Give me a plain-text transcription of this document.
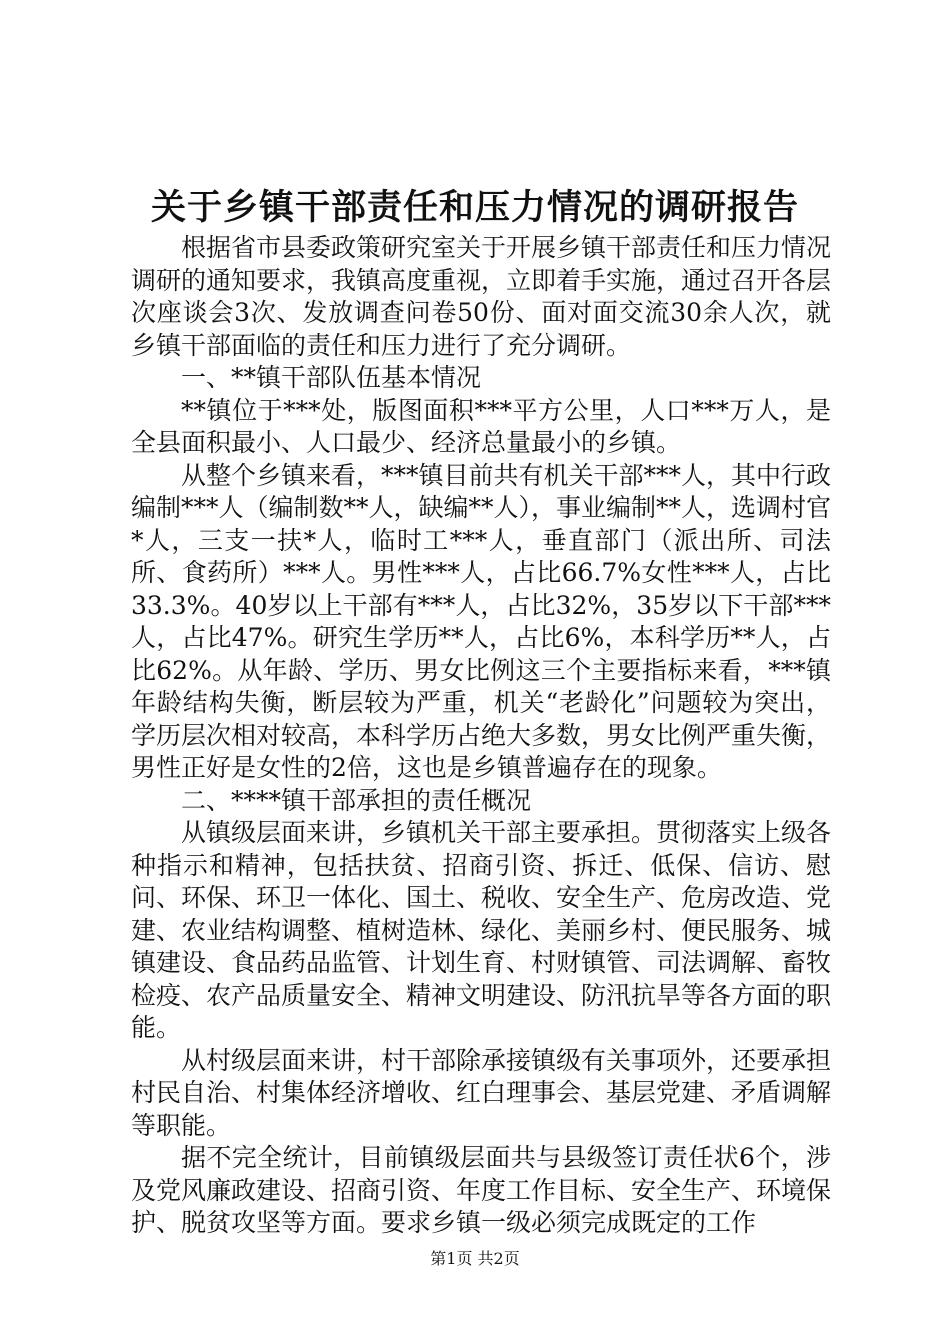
关于乡镇干部责任和压力情况的调研报告

根据省市县委政策研究室关于开展乡镇干部责任和压力情况调研的通知要求，我镇高度重视，立即着手实施，通过召开各层次座谈会3次、发放调查问卷50份、面对面交流30余人次，就乡镇干部面临的责任和压力进行了充分调研。

一、**镇干部队伍基本情况

**镇位于***处，版图面积***平方公里，人口***万人，是全县面积最小、人口最少、经济总量最小的乡镇。

从整个乡镇来看，***镇目前共有机关干部***人，其中行政编制***人（编制数**人，缺编**人），事业编制**人，选调村官*人，三支一扶*人，临时工***人，垂直部门（派出所、司法所、食药所）***人。男性***人，占比66.7%女性***人，占比33.3%。40岁以上干部有***人，占比32%，35岁以下干部***人，占比47%。研究生学历**人，占比6%，本科学历**人，占比62%。从年龄、学历、男女比例这三个主要指标来看，***镇年龄结构失衡，断层较为严重，机关“老龄化”问题较为突出，学历层次相对较高，本科学历占绝大多数，男女比例严重失衡，男性正好是女性的2倍，这也是乡镇普遍存在的现象。

二、****镇干部承担的责任概况

从镇级层面来讲，乡镇机关干部主要承担。贯彻落实上级各种指示和精神，包括扶贫、招商引资、拆迁、低保、信访、慰问、环保、环卫一体化、国土、税收、安全生产、危房改造、党建、农业结构调整、植树造林、绿化、美丽乡村、便民服务、城镇建设、食品药品监管、计划生育、村财镇管、司法调解、畜牧检疫、农产品质量安全、精神文明建设、防汛抗旱等各方面的职能。

从村级层面来讲，村干部除承接镇级有关事项外，还要承担村民自治、村集体经济增收、红白理事会、基层党建、矛盾调解等职能。

据不完全统计，目前镇级层面共与县级签订责任状6个，涉及党风廉政建设、招商引资、年度工作目标、安全生产、环境保护、脱贫攻坚等方面。要求乡镇一级必须完成既定的工作

第1页 共2页
